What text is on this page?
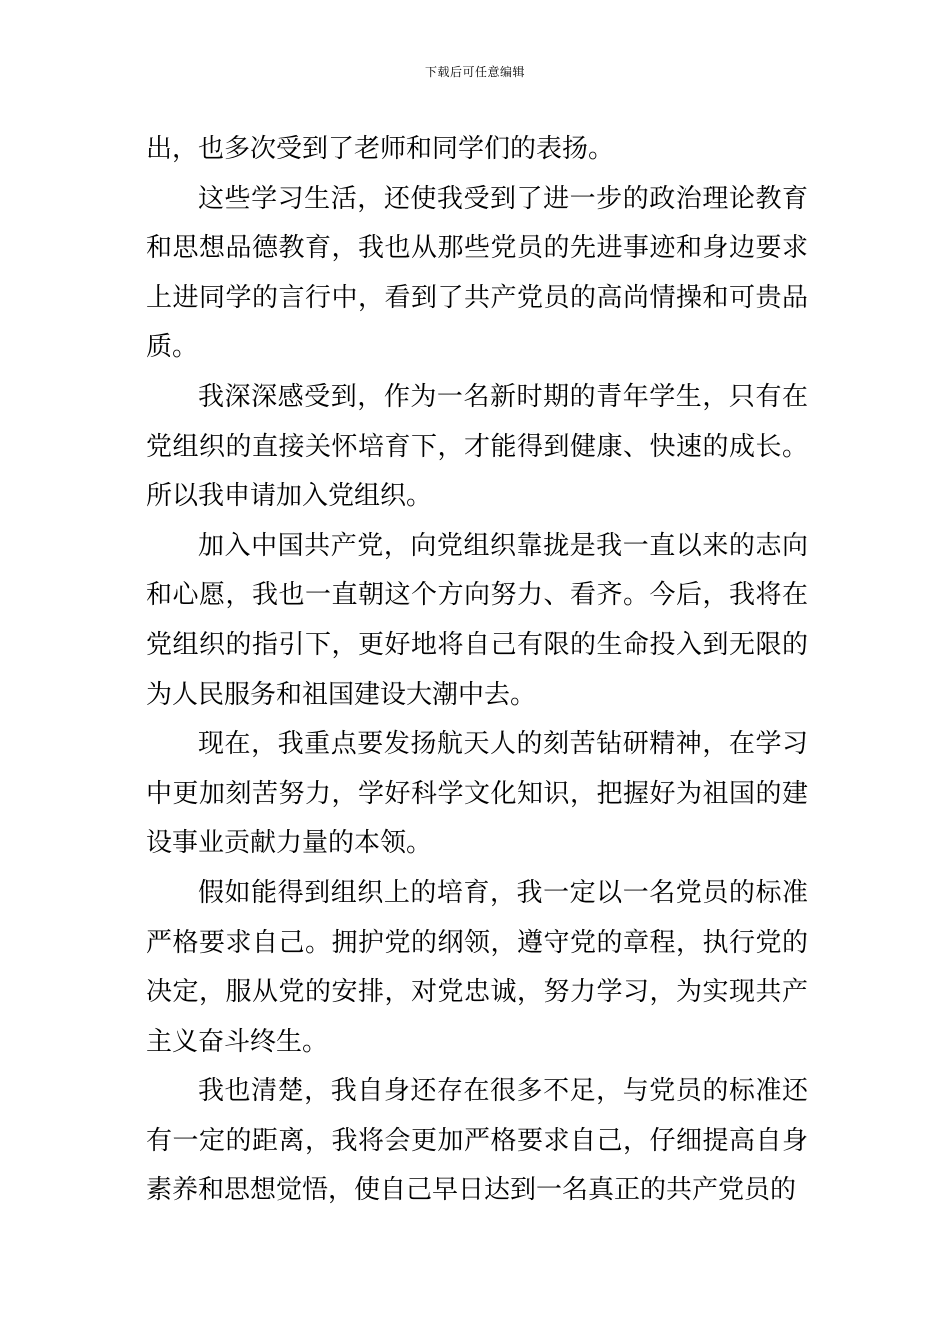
下载后可任意编辑

出，也多次受到了老师和同学们的表扬。

这些学习生活，还使我受到了进一步的政治理论教育和思想品德教育，我也从那些党员的先进事迹和身边要求上进同学的言行中，看到了共产党员的高尚情操和可贵品质。

我深深感受到，作为一名新时期的青年学生，只有在党组织的直接关怀培育下，才能得到健康、快速的成长。所以我申请加入党组织。

加入中国共产党，向党组织靠拢是我一直以来的志向和心愿，我也一直朝这个方向努力、看齐。今后，我将在党组织的指引下，更好地将自己有限的生命投入到无限的为人民服务和祖国建设大潮中去。

现在，我重点要发扬航天人的刻苦钻研精神，在学习中更加刻苦努力，学好科学文化知识，把握好为祖国的建设事业贡献力量的本领。

假如能得到组织上的培育，我一定以一名党员的标准严格要求自己。拥护党的纲领，遵守党的章程，执行党的决定，服从党的安排，对党忠诚，努力学习，为实现共产主义奋斗终生。

我也清楚，我自身还存在很多不足，与党员的标准还有一定的距离，我将会更加严格要求自己，仔细提高自身素养和思想觉悟，使自己早日达到一名真正的共产党员的
